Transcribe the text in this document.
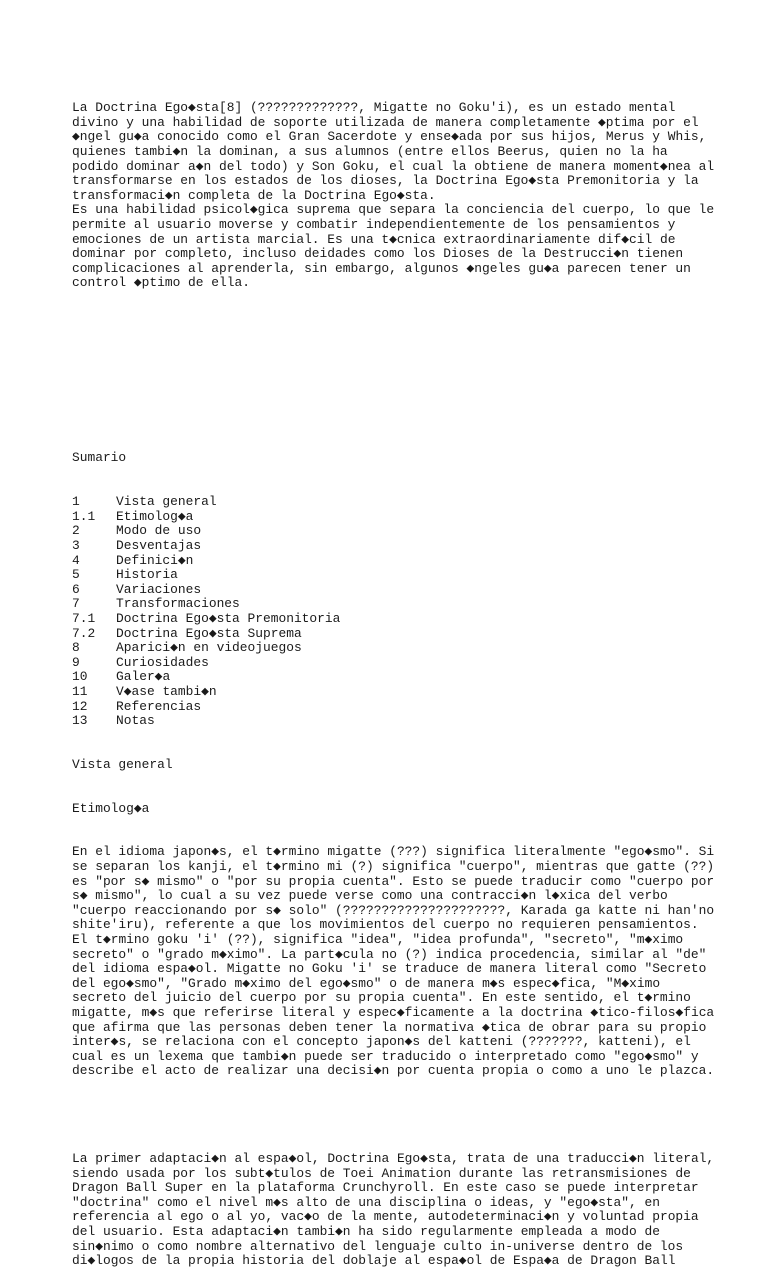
La Doctrina Ego◆sta[8] (?????????????, Migatte no Goku'i), es un estado mental
divino y una habilidad de soporte utilizada de manera completamente ◆ptima por el
◆ngel gu◆a conocido como el Gran Sacerdote y ense◆ada por sus hijos, Merus y Whis,
quienes tambi◆n la dominan, a sus alumnos (entre ellos Beerus, quien no la ha
podido dominar a◆n del todo) y Son Goku, el cual la obtiene de manera moment◆nea al
transformarse en los estados de los dioses, la Doctrina Ego◆sta Premonitoria y la
transformaci◆n completa de la Doctrina Ego◆sta.
Es una habilidad psicol◆gica suprema que separa la conciencia del cuerpo, lo que le
permite al usuario moverse y combatir independientemente de los pensamientos y
emociones de un artista marcial. Es una t◆cnica extraordinariamente dif◆cil de
dominar por completo, incluso deidades como los Dioses de la Destrucci◆n tienen
complicaciones al aprenderla, sin embargo, algunos ◆ngeles gu◆a parecen tener un
control ◆ptimo de ella.

Sumario

1	Vista general
1.1	Etimolog◆a
2	Modo de uso
3	Desventajas
4	Definici◆n
5	Historia
6	Variaciones
7	Transformaciones
7.1	Doctrina Ego◆sta Premonitoria
7.2	Doctrina Ego◆sta Suprema
8	Aparici◆n en videojuegos
9	Curiosidades
10	Galer◆a
11	V◆ase tambi◆n
12	Referencias
13	Notas

Vista general

Etimolog◆a

En el idioma japon◆s, el t◆rmino migatte (???) significa literalmente "ego◆smo". Si
se separan los kanji, el t◆rmino mi (?) significa "cuerpo", mientras que gatte (??)
es "por s◆ mismo" o "por su propia cuenta". Esto se puede traducir como "cuerpo por
s◆ mismo", lo cual a su vez puede verse como una contracci◆n l◆xica del verbo
"cuerpo reaccionando por s◆ solo" (?????????????????????, Karada ga katte ni han'no
shite'iru), referente a que los movimientos del cuerpo no requieren pensamientos.
El t◆rmino goku 'i' (??), significa "idea", "idea profunda", "secreto", "m◆ximo
secreto" o "grado m◆ximo". La part◆cula no (?) indica procedencia, similar al "de"
del idioma espa◆ol. Migatte no Goku 'i' se traduce de manera literal como "Secreto
del ego◆smo", "Grado m◆ximo del ego◆smo" o de manera m◆s espec◆fica, "M◆ximo
secreto del juicio del cuerpo por su propia cuenta". En este sentido, el t◆rmino
migatte, m◆s que referirse literal y espec◆ficamente a la doctrina ◆tico-filos◆fica
que afirma que las personas deben tener la normativa ◆tica de obrar para su propio
inter◆s, se relaciona con el concepto japon◆s del katteni (???????, katteni), el
cual es un lexema que tambi◆n puede ser traducido o interpretado como "ego◆smo" y
describe el acto de realizar una decisi◆n por cuenta propia o como a uno le plazca.

La primer adaptaci◆n al espa◆ol, Doctrina Ego◆sta, trata de una traducci◆n literal,
siendo usada por los subt◆tulos de Toei Animation durante las retransmisiones de
Dragon Ball Super en la plataforma Crunchyroll. En este caso se puede interpretar
"doctrina" como el nivel m◆s alto de una disciplina o ideas, y "ego◆sta", en
referencia al ego o al yo, vac◆o de la mente, autodeterminaci◆n y voluntad propia
del usuario. Esta adaptaci◆n tambi◆n ha sido regularmente empleada a modo de
sin◆nimo o como nombre alternativo del lenguaje culto in-universe dentro de los
di◆logos de la propia historia del doblaje al espa◆ol de Espa◆a de Dragon Ball
